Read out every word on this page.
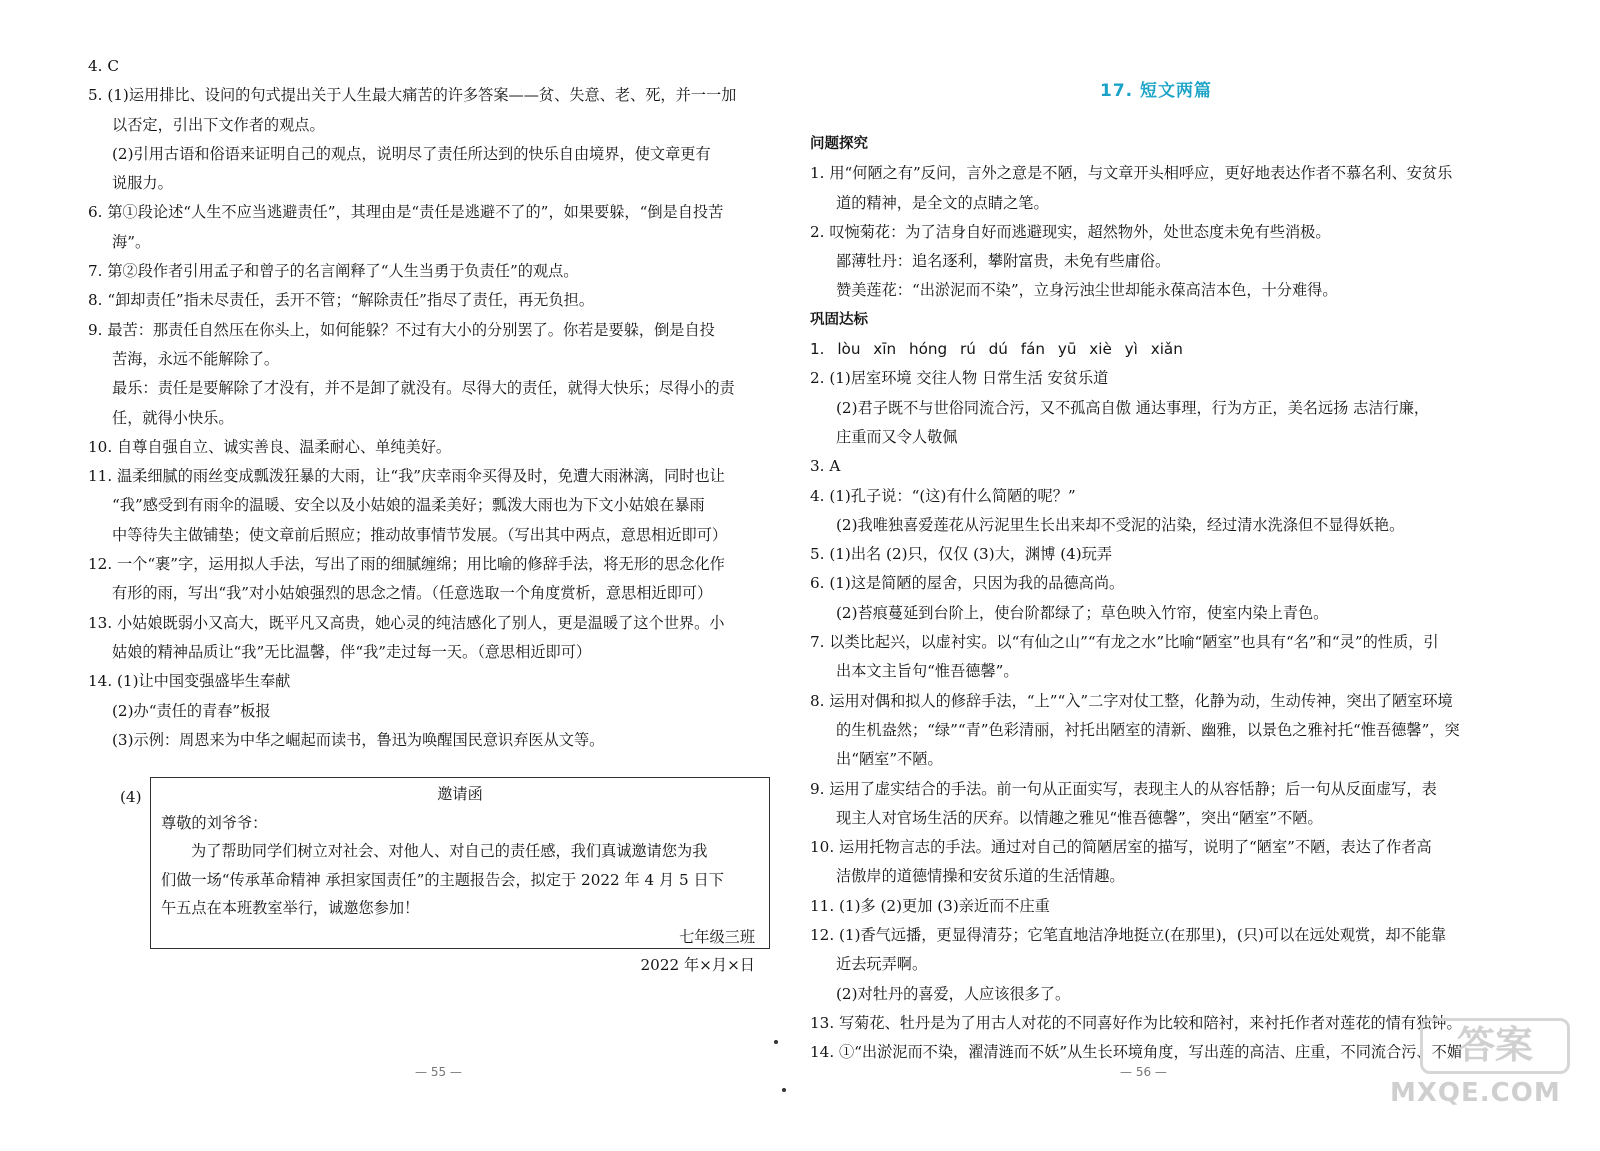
4. C
5. (1)运用排比、设问的句式提出关于人生最大痛苦的许多答案——贫、失意、老、死，并一一加
以否定，引出下文作者的观点。
(2)引用古语和俗语来证明自己的观点，说明尽了责任所达到的快乐自由境界，使文章更有
说服力。
6. 第①段论述“人生不应当逃避责任”，其理由是“责任是逃避不了的”，如果要躲，“倒是自投苦
海”。
7. 第②段作者引用孟子和曾子的名言阐释了“人生当勇于负责任”的观点。
8. “卸却责任”指未尽责任，丢开不管；“解除责任”指尽了责任，再无负担。
9. 最苦：那责任自然压在你头上，如何能躲？不过有大小的分别罢了。你若是要躲，倒是自投
苦海，永远不能解除了。
最乐：责任是要解除了才没有，并不是卸了就没有。尽得大的责任，就得大快乐；尽得小的责
任，就得小快乐。
10. 自尊自强自立、诚实善良、温柔耐心、单纯美好。
11. 温柔细腻的雨丝变成瓢泼狂暴的大雨，让“我”庆幸雨伞买得及时，免遭大雨淋漓，同时也让
“我”感受到有雨伞的温暖、安全以及小姑娘的温柔美好；瓢泼大雨也为下文小姑娘在暴雨
中等待失主做铺垫；使文章前后照应；推动故事情节发展。（写出其中两点，意思相近即可）
12. 一个“裹”字，运用拟人手法，写出了雨的细腻缠绵；用比喻的修辞手法，将无形的思念化作
有形的雨，写出“我”对小姑娘强烈的思念之情。（任意选取一个角度赏析，意思相近即可）
13. 小姑娘既弱小又高大，既平凡又高贵，她心灵的纯洁感化了别人，更是温暖了这个世界。小
姑娘的精神品质让“我”无比温馨，伴“我”走过每一天。（意思相近即可）
14. (1)让中国变强盛毕生奉献
(2)办“责任的青春”板报
(3)示例：周恩来为中华之崛起而读书，鲁迅为唤醒国民意识弃医从文等。
(4)	邀请函
尊敬的刘爷爷：
为了帮助同学们树立对社会、对他人、对自己的责任感，我们真诚邀请您为我
们做一场“传承革命精神 承担家国责任”的主题报告会，拟定于 2022 年 4 月 5 日下
午五点在本班教室举行，诚邀您参加！
七年级三班
2022 年×月×日
— 55 —
17. 短文两篇
问题探究
1. 用“何陋之有”反问，言外之意是不陋，与文章开头相呼应，更好地表达作者不慕名利、安贫乐
道的精神，是全文的点睛之笔。
2. 叹惋菊花：为了洁身自好而逃避现实，超然物外，处世态度未免有些消极。
鄙薄牡丹：追名逐利，攀附富贵，未免有些庸俗。
赞美莲花：“出淤泥而不染”，立身污浊尘世却能永葆高洁本色，十分难得。
巩固达标
1. lòu xīn hóng rú dú fán yū xiè yì xiǎn
2. (1)居室环境 交往人物 日常生活 安贫乐道
(2)君子既不与世俗同流合污，又不孤高自傲 通达事理，行为方正，美名远扬 志洁行廉，
庄重而又令人敬佩
3. A
4. (1)孔子说：“(这)有什么简陋的呢？”
(2)我唯独喜爱莲花从污泥里生长出来却不受泥的沾染，经过清水洗涤但不显得妖艳。
5. (1)出名 (2)只，仅仅 (3)大，渊博 (4)玩弄
6. (1)这是简陋的屋舍，只因为我的品德高尚。
(2)苔痕蔓延到台阶上，使台阶都绿了；草色映入竹帘，使室内染上青色。
7. 以类比起兴，以虚衬实。以“有仙之山”“有龙之水”比喻“陋室”也具有“名”和“灵”的性质，引
出本文主旨句“惟吾德馨”。
8. 运用对偶和拟人的修辞手法，“上”“入”二字对仗工整，化静为动，生动传神，突出了陋室环境
的生机盎然；“绿”“青”色彩清丽，衬托出陋室的清新、幽雅，以景色之雅衬托“惟吾德馨”，突
出“陋室”不陋。
9. 运用了虚实结合的手法。前一句从正面实写，表现主人的从容恬静；后一句从反面虚写，表
现主人对官场生活的厌弃。以情趣之雅见“惟吾德馨”，突出“陋室”不陋。
10. 运用托物言志的手法。通过对自己的简陋居室的描写，说明了“陋室”不陋，表达了作者高
洁傲岸的道德情操和安贫乐道的生活情趣。
11. (1)多 (2)更加 (3)亲近而不庄重
12. (1)香气远播，更显得清芬；它笔直地洁净地挺立(在那里)，(只)可以在远处观赏，却不能靠
近去玩弄啊。
(2)对牡丹的喜爱，人应该很多了。
13. 写菊花、牡丹是为了用古人对花的不同喜好作为比较和陪衬，来衬托作者对莲花的情有独钟。
14. ①“出淤泥而不染，濯清涟而不妖”从生长环境角度，写出莲的高洁、庄重，不同流合污、不媚
— 56 —
答案
MXQE.COM
